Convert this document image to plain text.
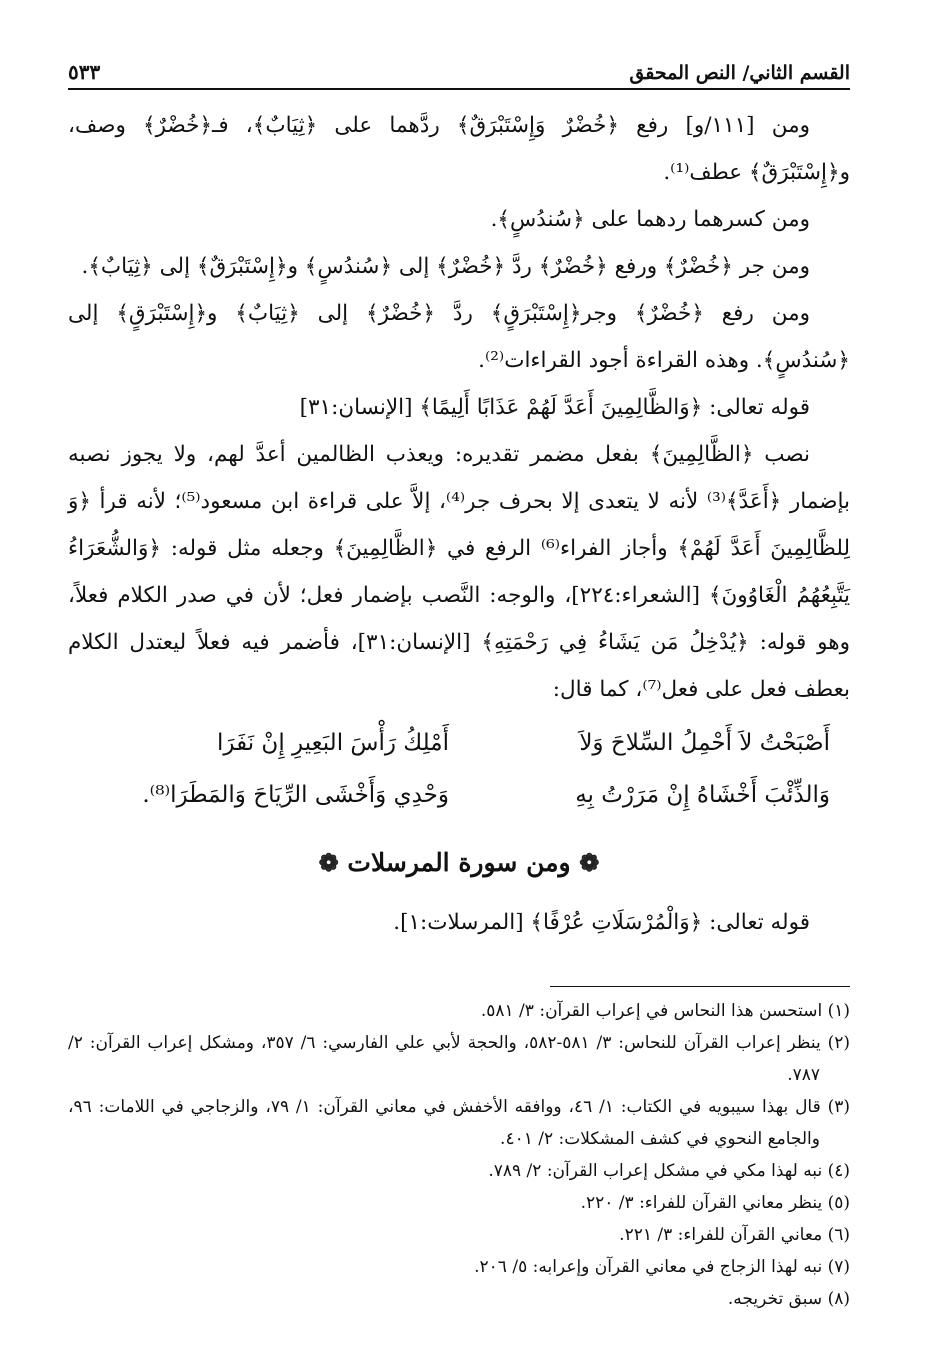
القسم الثاني/ النص المحقق
٥٣٣

ومن [١١١/و] رفع ﴿خُضْرٌ وَإِسْتَبْرَقٌ﴾ ردَّهما على ﴿ثِيَابٌ﴾، فـ﴿خُضْرٌ﴾ وصف، و﴿إِسْتَبْرَقٌ﴾ عطف⁽¹⁾.

ومن كسرهما ردهما على ﴿سُندُسٍ﴾.

ومن جر ﴿خُضْرٌ﴾ ورفع ﴿خُضْرٌ﴾ ردَّ ﴿خُضْرٌ﴾ إلى ﴿سُندُسٍ﴾ و﴿إِسْتَبْرَقٌ﴾ إلى ﴿ثِيَابٌ﴾.

ومن رفع ﴿خُضْرٌ﴾ وجر﴿إِسْتَبْرَقٍ﴾ ردَّ ﴿خُضْرٌ﴾ إلى ﴿ثِيَابٌ﴾ و﴿إِسْتَبْرَقٍ﴾ إلى ﴿سُندُسٍ﴾. وهذه القراءة أجود القراءات⁽²⁾.

قوله تعالى: ﴿وَالظَّالِمِينَ أَعَدَّ لَهُمْ عَذَابًا أَلِيمًا﴾ [الإنسان:٣١]

نصب ﴿الظَّالِمِينَ﴾ بفعل مضمر تقديره: ويعذب الظالمين أعدَّ لهم، ولا يجوز نصبه بإضمار ﴿أَعَدَّ﴾⁽³⁾ لأنه لا يتعدى إلا بحرف جر⁽⁴⁾، إلاَّ على قراءة ابن مسعود⁽⁵⁾؛ لأنه قرأ ﴿وَ لِلظَّالِمِينَ أَعَدَّ لَهُمْ﴾ وأجاز الفراء⁽⁶⁾ الرفع في ﴿الظَّالِمِينَ﴾ وجعله مثل قوله: ﴿وَالشُّعَرَاءُ يَتَّبِعُهُمُ الْغَاوُونَ﴾ [الشعراء:٢٢٤]، والوجه: النَّصب بإضمار فعل؛ لأن في صدر الكلام فعلاً، وهو قوله: ﴿يُدْخِلُ مَن يَشَاءُ فِي رَحْمَتِهِ﴾ [الإنسان:٣١]، فأضمر فيه فعلاً ليعتدل الكلام بعطف فعل على فعل⁽⁷⁾، كما قال:

أَصْبَحْتُ لاَ أَحْمِلُ السِّلاحَ وَلاَ
أَمْلِكُ رَأْسَ البَعِيرِ إِنْ نَفَرَا
وَالذِّئْبَ أَخْشَاهُ إِنْ مَرَرْتُ بِهِ
وَحْدِي وَأَخْشَى الرِّيَاحَ وَالمَطَرَا⁽⁸⁾.
❁ ومن سورة المرسلات ❁

قوله تعالى: ﴿وَالْمُرْسَلَاتِ عُرْفًا﴾ [المرسلات:١].

(١) استحسن هذا النحاس في إعراب القرآن: ٣/ ٥٨١.

(٢) ينظر إعراب القرآن للنحاس: ٣/ ٥٨١-٥٨٢، والحجة لأبي علي الفارسي: ٦/ ٣٥٧، ومشكل إعراب القرآن: ٢/ ٧٨٧.

(٣) قال بهذا سيبويه في الكتاب: ١/ ٤٦، ووافقه الأخفش في معاني القرآن: ١/ ٧٩، والزجاجي في اللامات: ٩٦، والجامع النحوي في كشف المشكلات: ٢/ ٤٠١.

(٤) نبه لهذا مكي في مشكل إعراب القرآن: ٢/ ٧٨٩.

(٥) ينظر معاني القرآن للفراء: ٣/ ٢٢٠.

(٦) معاني القرآن للفراء: ٣/ ٢٢١.

(٧) نبه لهذا الزجاج في معاني القرآن وإعرابه: ٥/ ٢٠٦.

(٨) سبق تخريجه.
